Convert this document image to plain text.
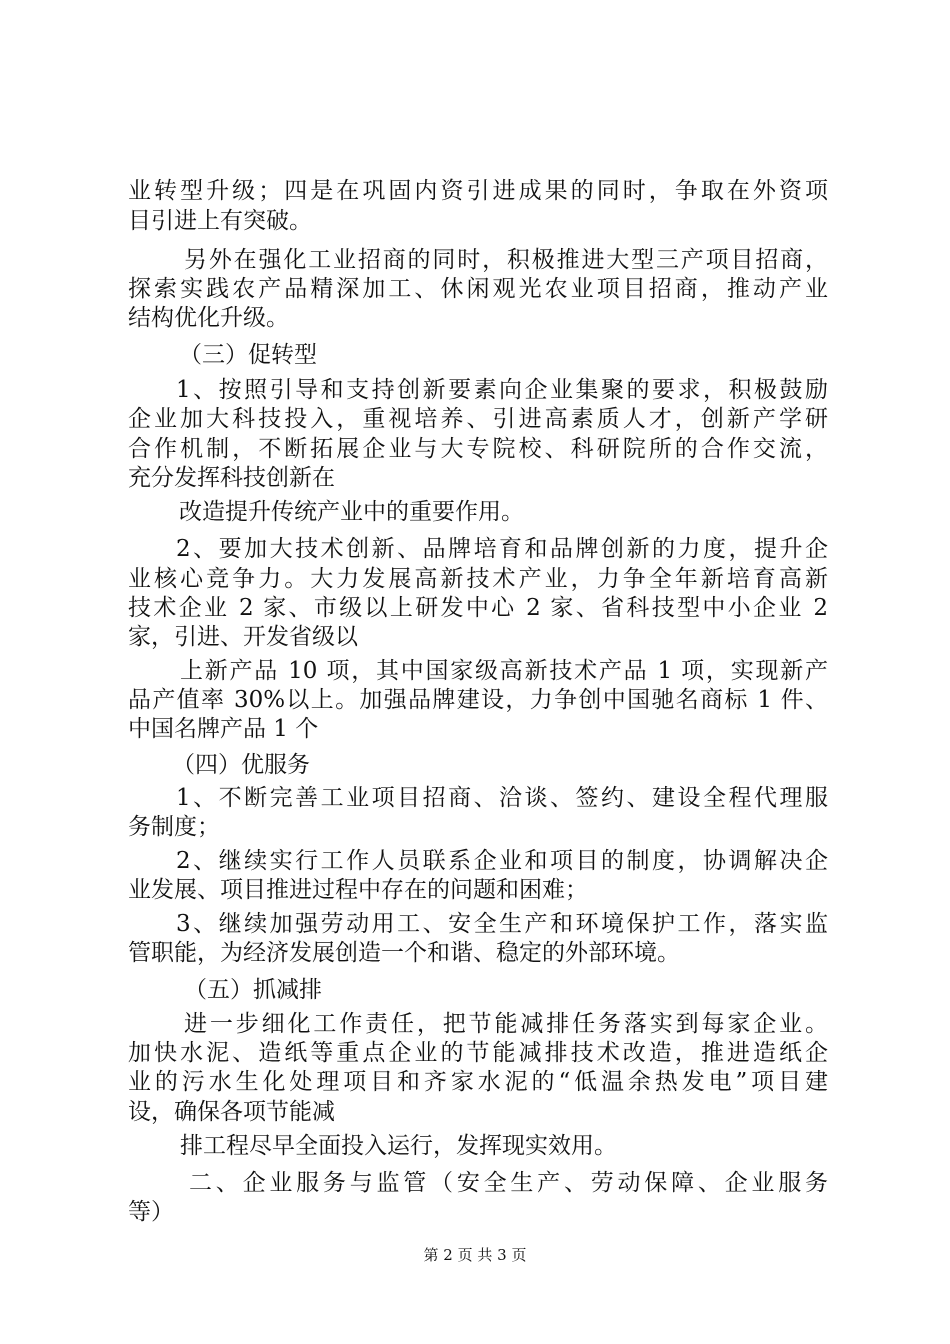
业转型升级；四是在巩固内资引进成果的同时，争取在外资项
目引进上有突破。
另外在强化工业招商的同时，积极推进大型三产项目招商，
探索实践农产品精深加工、休闲观光农业项目招商，推动产业
结构优化升级。
（三）促转型
1、按照引导和支持创新要素向企业集聚的要求，积极鼓励
企业加大科技投入，重视培养、引进高素质人才，创新产学研
合作机制，不断拓展企业与大专院校、科研院所的合作交流，
充分发挥科技创新在
改造提升传统产业中的重要作用。
2、要加大技术创新、品牌培育和品牌创新的力度，提升企
业核心竞争力。大力发展高新技术产业，力争全年新培育高新
技术企业 2 家、市级以上研发中心 2 家、省科技型中小企业 2
家，引进、开发省级以
上新产品 10 项，其中国家级高新技术产品 1 项，实现新产
品产值率 30%以上。加强品牌建设，力争创中国驰名商标 1 件、
中国名牌产品 1 个
（四）优服务
1、不断完善工业项目招商、洽谈、签约、建设全程代理服
务制度；
2、继续实行工作人员联系企业和项目的制度，协调解决企
业发展、项目推进过程中存在的问题和困难；
3、继续加强劳动用工、安全生产和环境保护工作，落实监
管职能，为经济发展创造一个和谐、稳定的外部环境。
（五）抓减排
进一步细化工作责任，把节能减排任务落实到每家企业。
加快水泥、造纸等重点企业的节能减排技术改造，推进造纸企
业的污水生化处理项目和齐家水泥的“低温余热发电”项目建
设，确保各项节能减
排工程尽早全面投入运行，发挥现实效用。
二、企业服务与监管（安全生产、劳动保障、企业服务
等）
第 2 页 共 3 页
